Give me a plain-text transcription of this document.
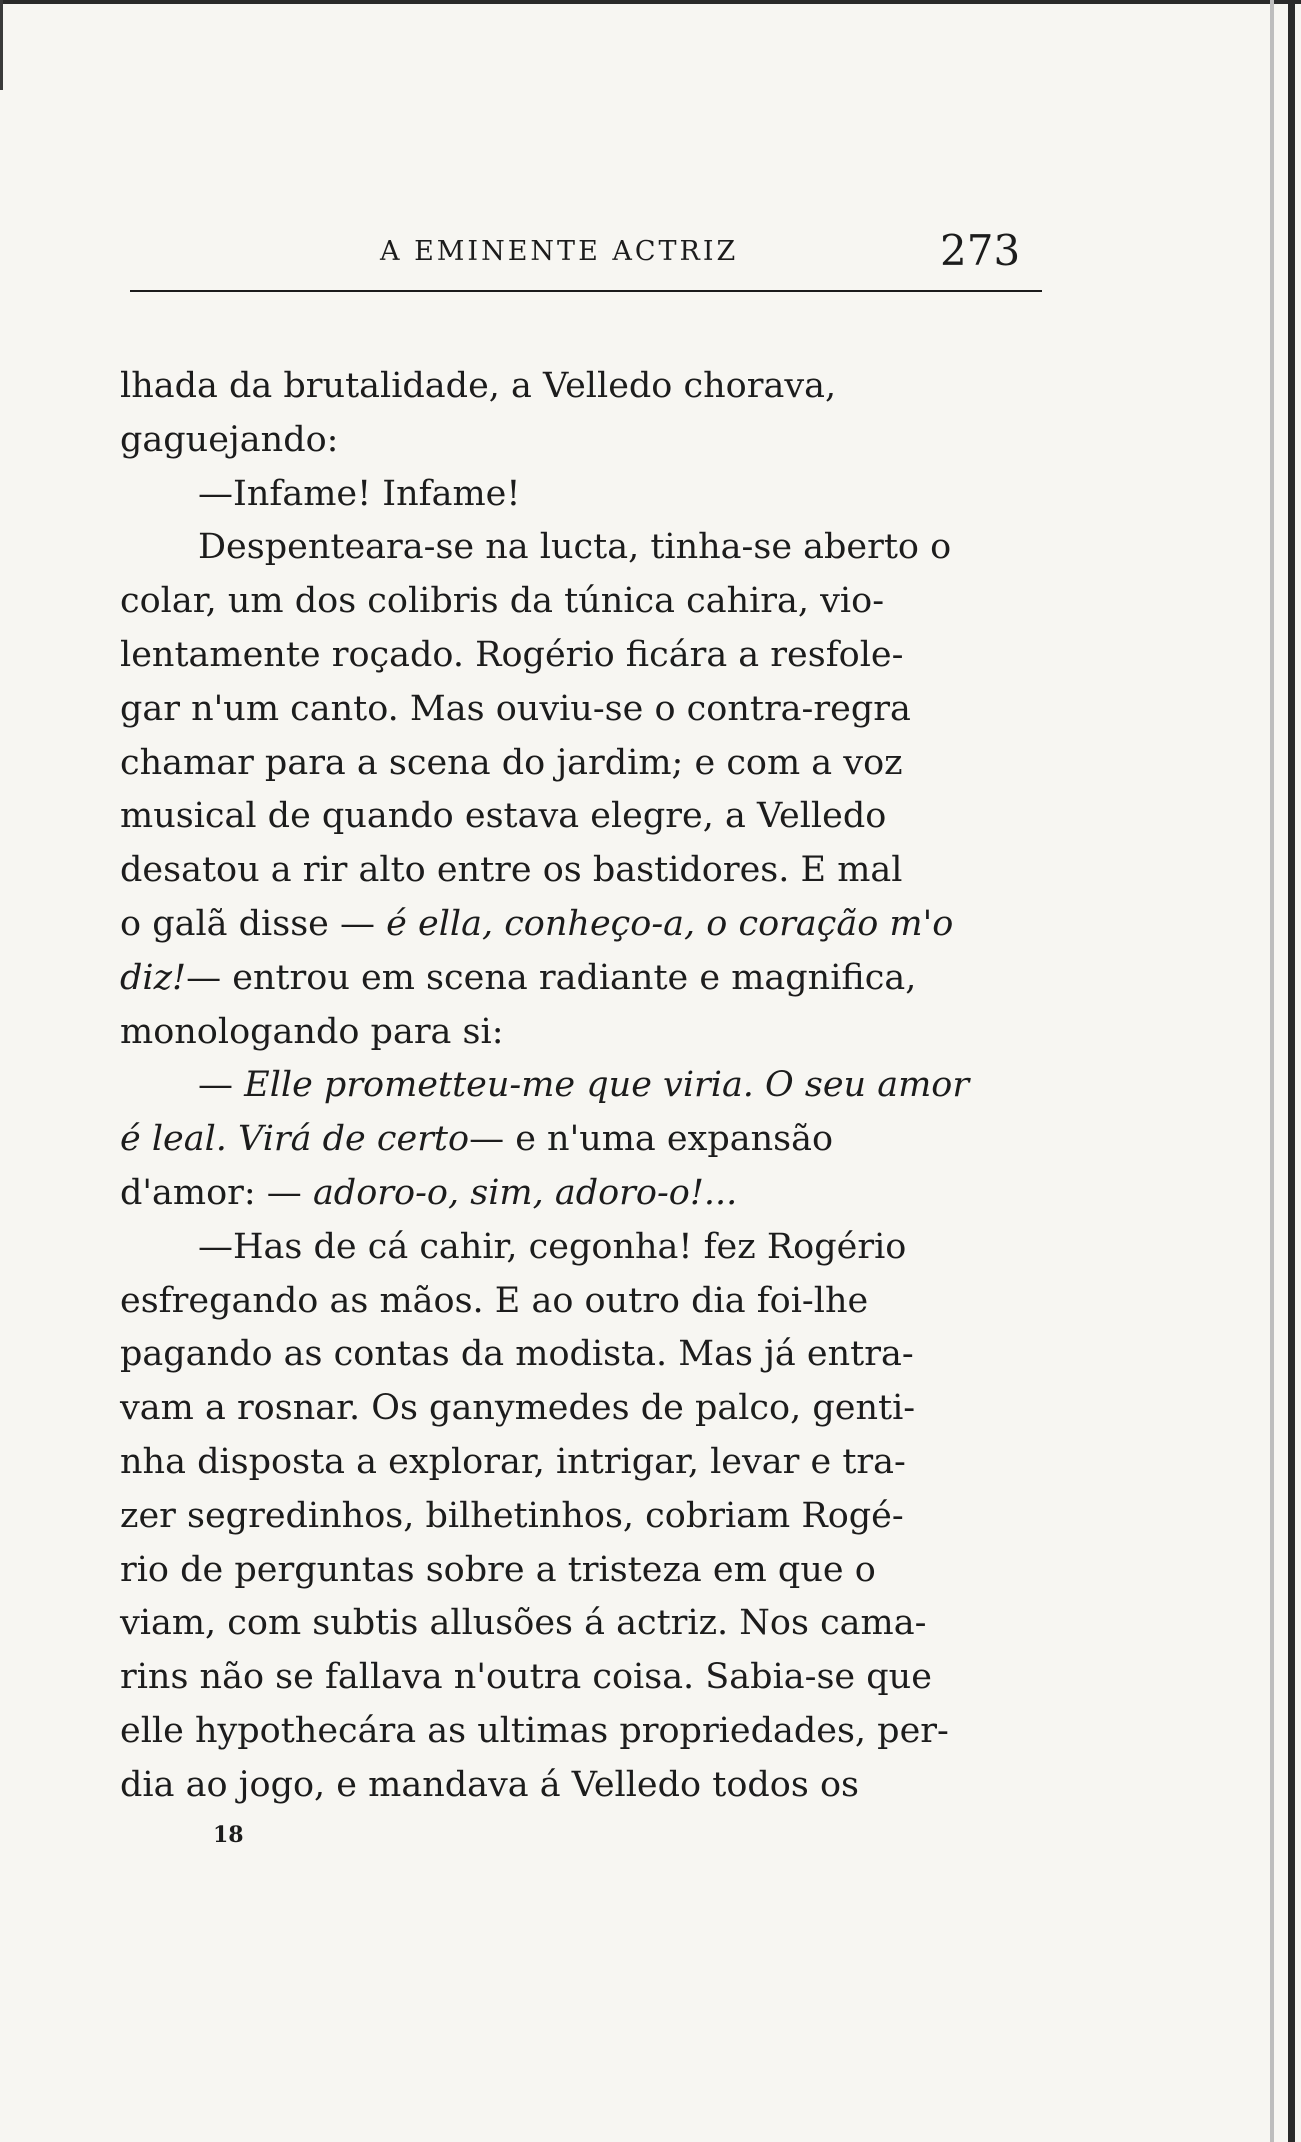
A EMINENTE ACTRIZ	273
lhada da brutalidade, a Velledo chorava,
gaguejando:
—Infame! Infame!
Despenteara-se na lucta, tinha-se aberto o
colar, um dos colibris da túnica cahira, vio-
lentamente roçado. Rogério ficára a resfole-
gar n'um canto. Mas ouviu-se o contra-regra
chamar para a scena do jardim; e com a voz
musical de quando estava elegre, a Velledo
desatou a rir alto entre os bastidores. E mal
o galã disse — é ella, conheço-a, o coração m'o
diz!— entrou em scena radiante e magnifica,
monologando para si:
— Elle prometteu-me que viria. O seu amor
é leal. Virá de certo— e n'uma expansão
d'amor: — adoro-o, sim, adoro-o!...
—Has de cá cahir, cegonha! fez Rogério
esfregando as mãos. E ao outro dia foi-lhe
pagando as contas da modista. Mas já entra-
vam a rosnar. Os ganymedes de palco, genti-
nha disposta a explorar, intrigar, levar e tra-
zer segredinhos, bilhetinhos, cobriam Rogé-
rio de perguntas sobre a tristeza em que o
viam, com subtis allusões á actriz. Nos cama-
rins não se fallava n'outra coisa. Sabia-se que
elle hypothecára as ultimas propriedades, per-
dia ao jogo, e mandava á Velledo todos os
18
